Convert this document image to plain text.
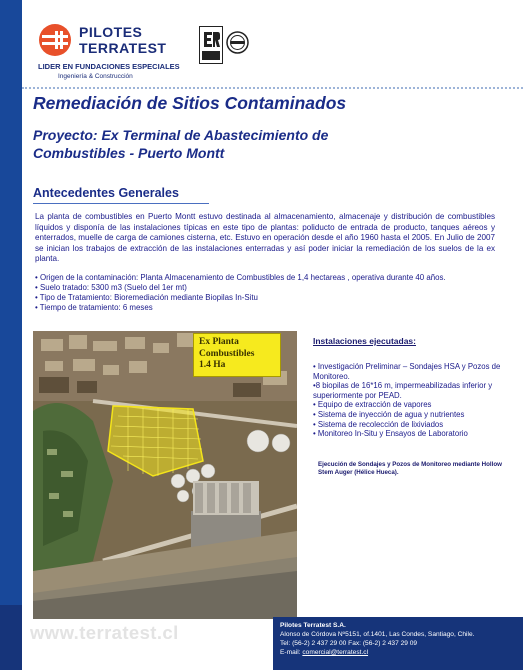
PILOTES
TERRATEST
LIDER EN FUNDACIONES ESPECIALES
Ingeniería & Construcción
Remediación de Sitios Contaminados
Proyecto: Ex Terminal de Abastecimiento de
Combustibles - Puerto Montt
Antecedentes Generales

La planta de combustibles en Puerto Montt estuvo destinada al almacenamiento, almacenaje y distribución de combustibles líquidos y disponía de las instalaciones típicas en este tipo de plantas: poliducto de entrada de producto, tanques aéreos y enterrados, muelle de carga de camiones cisterna, etc. Estuvo en operación desde el año 1960 hasta el 2005. En Julio de 2007 se inician los trabajos de extracción de las instalaciones enterradas y así poder iniciar la remediación de los suelos de la ex planta.

• Origen de la contaminación: Planta Almacenamiento de Combustibles de 1,4 hectareas , operativa durante 40 años.
• Suelo tratado: 5300 m3 (Suelo del 1er mt)
• Tipo de Tratamiento: Bioremediación mediante Biopilas In-Situ
• Tiempo de tratamiento: 6 meses
Ex Planta
Combustibles
1.4 Ha
Instalaciones ejecutadas:
• Investigación Preliminar – Sondajes HSA y Pozos de Monitoreo.
•8 biopilas de 16*16 m, impermeabilizadas inferior y superiormente por PEAD.
• Equipo de extracción de vapores
• Sistema de inyección de agua y nutrientes
• Sistema de recolección de lixiviados
• Monitoreo In-Situ y Ensayos de Laboratorio
Ejecución de Sondajes y Pozos de Monitoreo mediante Hollow Stem Auger (Hélice Hueca).
www.terratest.cl	Pilotes Terratest S.A.
Alonso de Córdova Nº5151, of.1401, Las Condes, Santiago, Chile.
Tel: (56-2) 2 437 29 00 Fax: (56-2) 2 437 29 09
E-mail: comercial@terratest.cl
